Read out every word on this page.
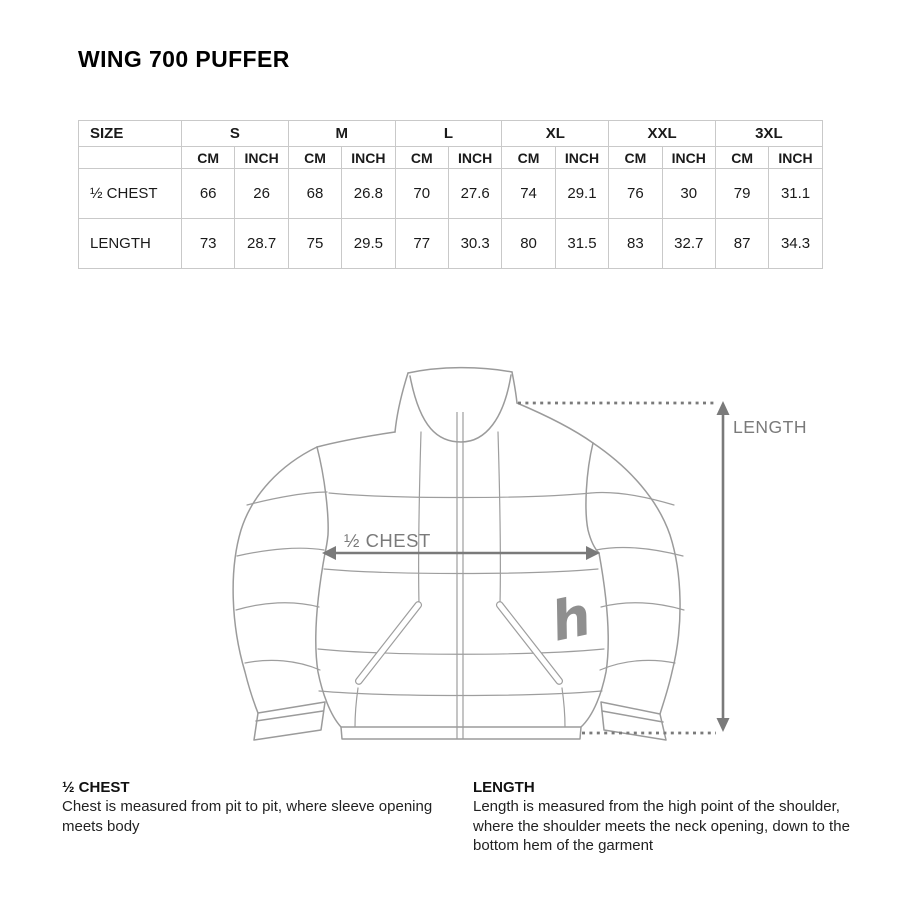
WING 700 PUFFER
SIZE	S		M		L		XL		XXL		3XL	
	CM	INCH	CM	INCH	CM	INCH	CM	INCH	CM	INCH	CM	INCH
½ CHEST	66	26	68	26.8	70	27.6	74	29.1	76	30	79	31.1
LENGTH	73	28.7	75	29.5	77	30.3	80	31.5	83	32.7	87	34.3
h
½ CHEST
LENGTH
½ CHEST

Chest is measured from pit to pit, where sleeve opening meets body

LENGTH

Length is measured from the high point of the shoulder, where the shoulder meets the neck opening, down to the bottom hem of the garment
